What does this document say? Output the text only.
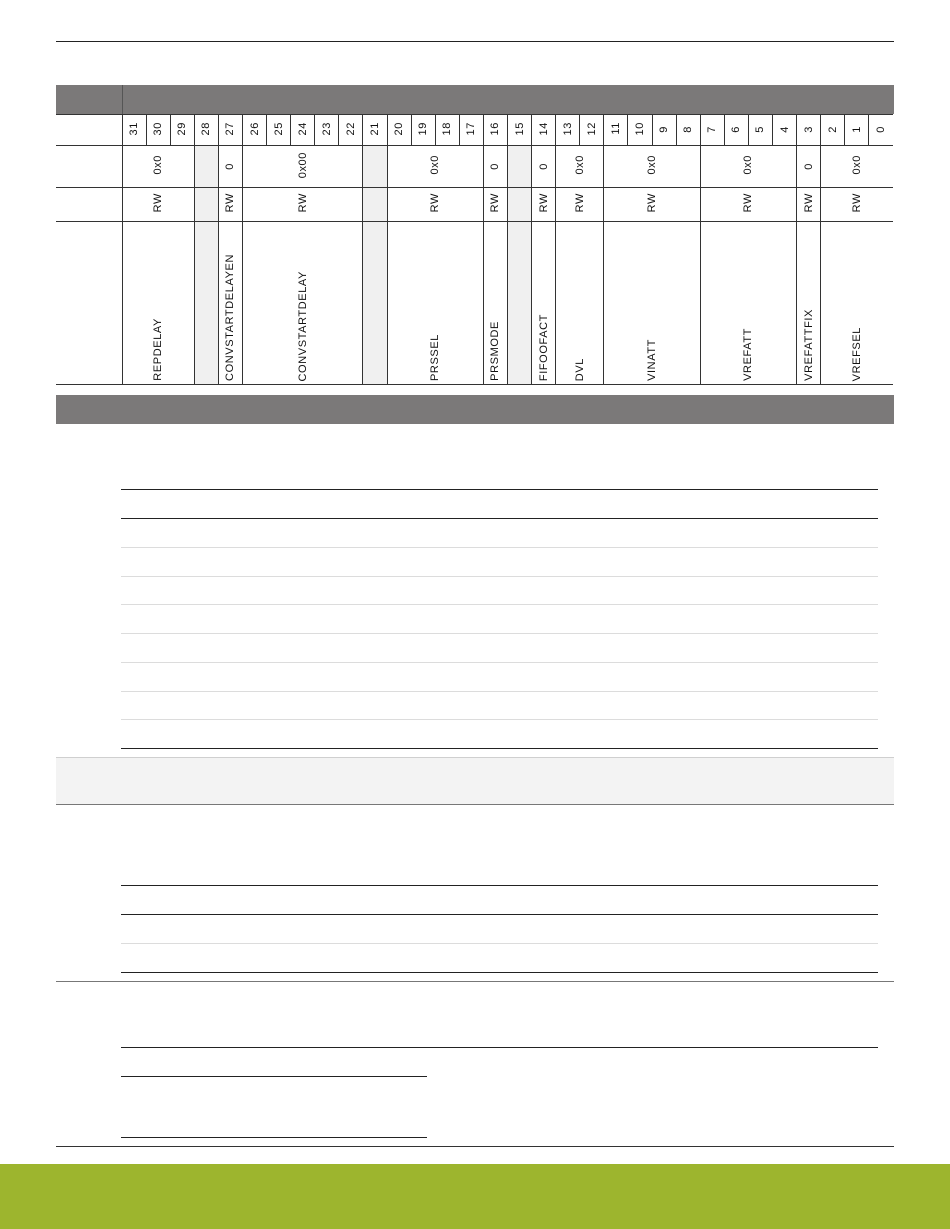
	31	30	29	28	27	26	25	24	23	22	21	20	19	18	17	16	15	14	13	12	11	10	9	8	7	6	5	4	3	2	1	0
	0x0				0	0x00						0x0				0		0	0x0		0x0				0x0				0	0x0		
	RW				RW	RW						RW				RW		RW	RW		RW				RW				RW	RW		
	REPDELAY				CONVSTARTDELAYEN	CONVSTARTDELAY						PRSSEL				PRSMODE		FIFOOFACT	DVL		VINATT				VREFATT				VREFATTFIX	VREFSEL		
